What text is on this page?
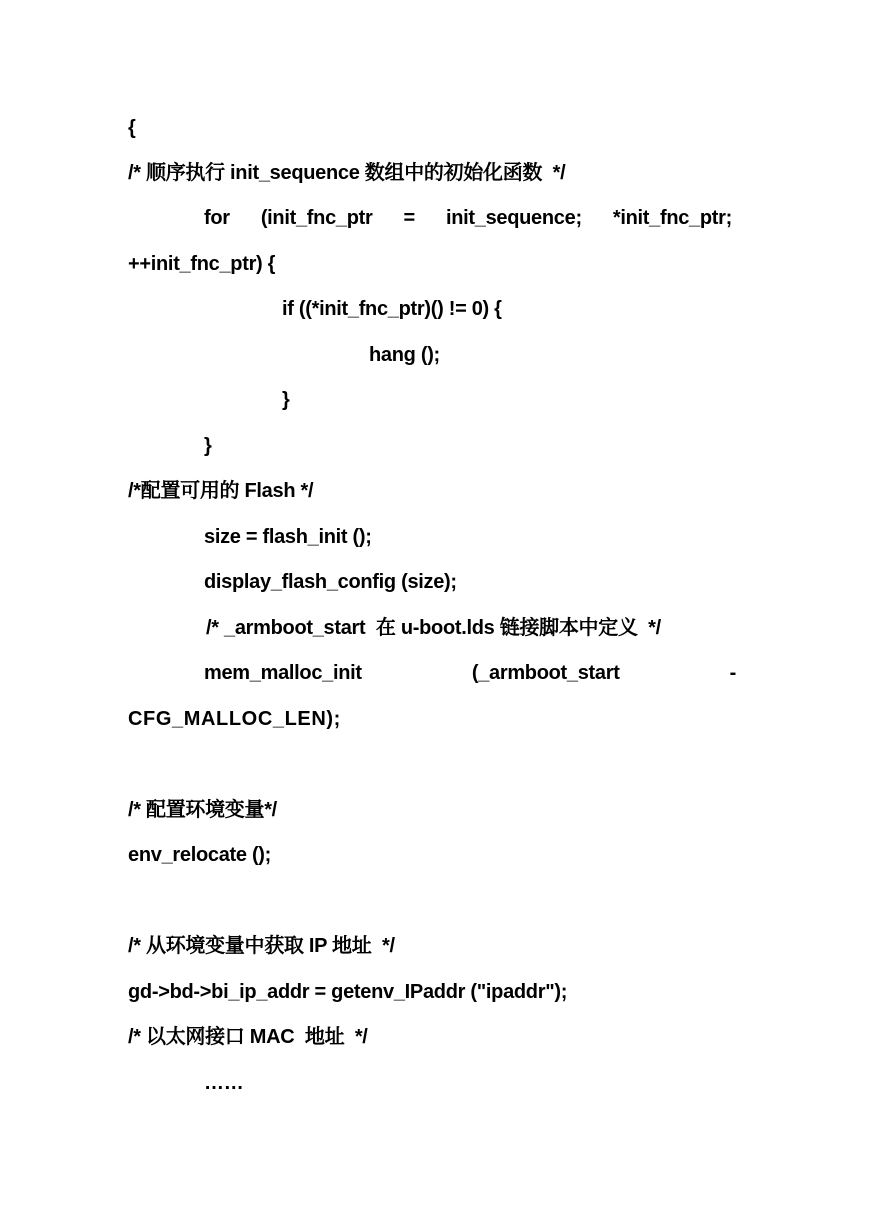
{
/* 顺序执行 init_sequence 数组中的初始化函数  */
for (init_fnc_ptr = init_sequence; *init_fnc_ptr;
++init_fnc_ptr) {
if ((*init_fnc_ptr)() != 0) {
hang ();
}
}
/*配置可用的 Flash */
size = flash_init ();
display_flash_config (size);
/* _armboot_start  在 u-boot.lds 链接脚本中定义  */
mem_malloc_init	(_armboot_start	-
CFG_MALLOC_LEN);
/* 配置环境变量*/
env_relocate ();
/* 从环境变量中获取 IP 地址  */
gd->bd->bi_ip_addr = getenv_IPaddr ("ipaddr");
/* 以太网接口 MAC  地址  */
……
